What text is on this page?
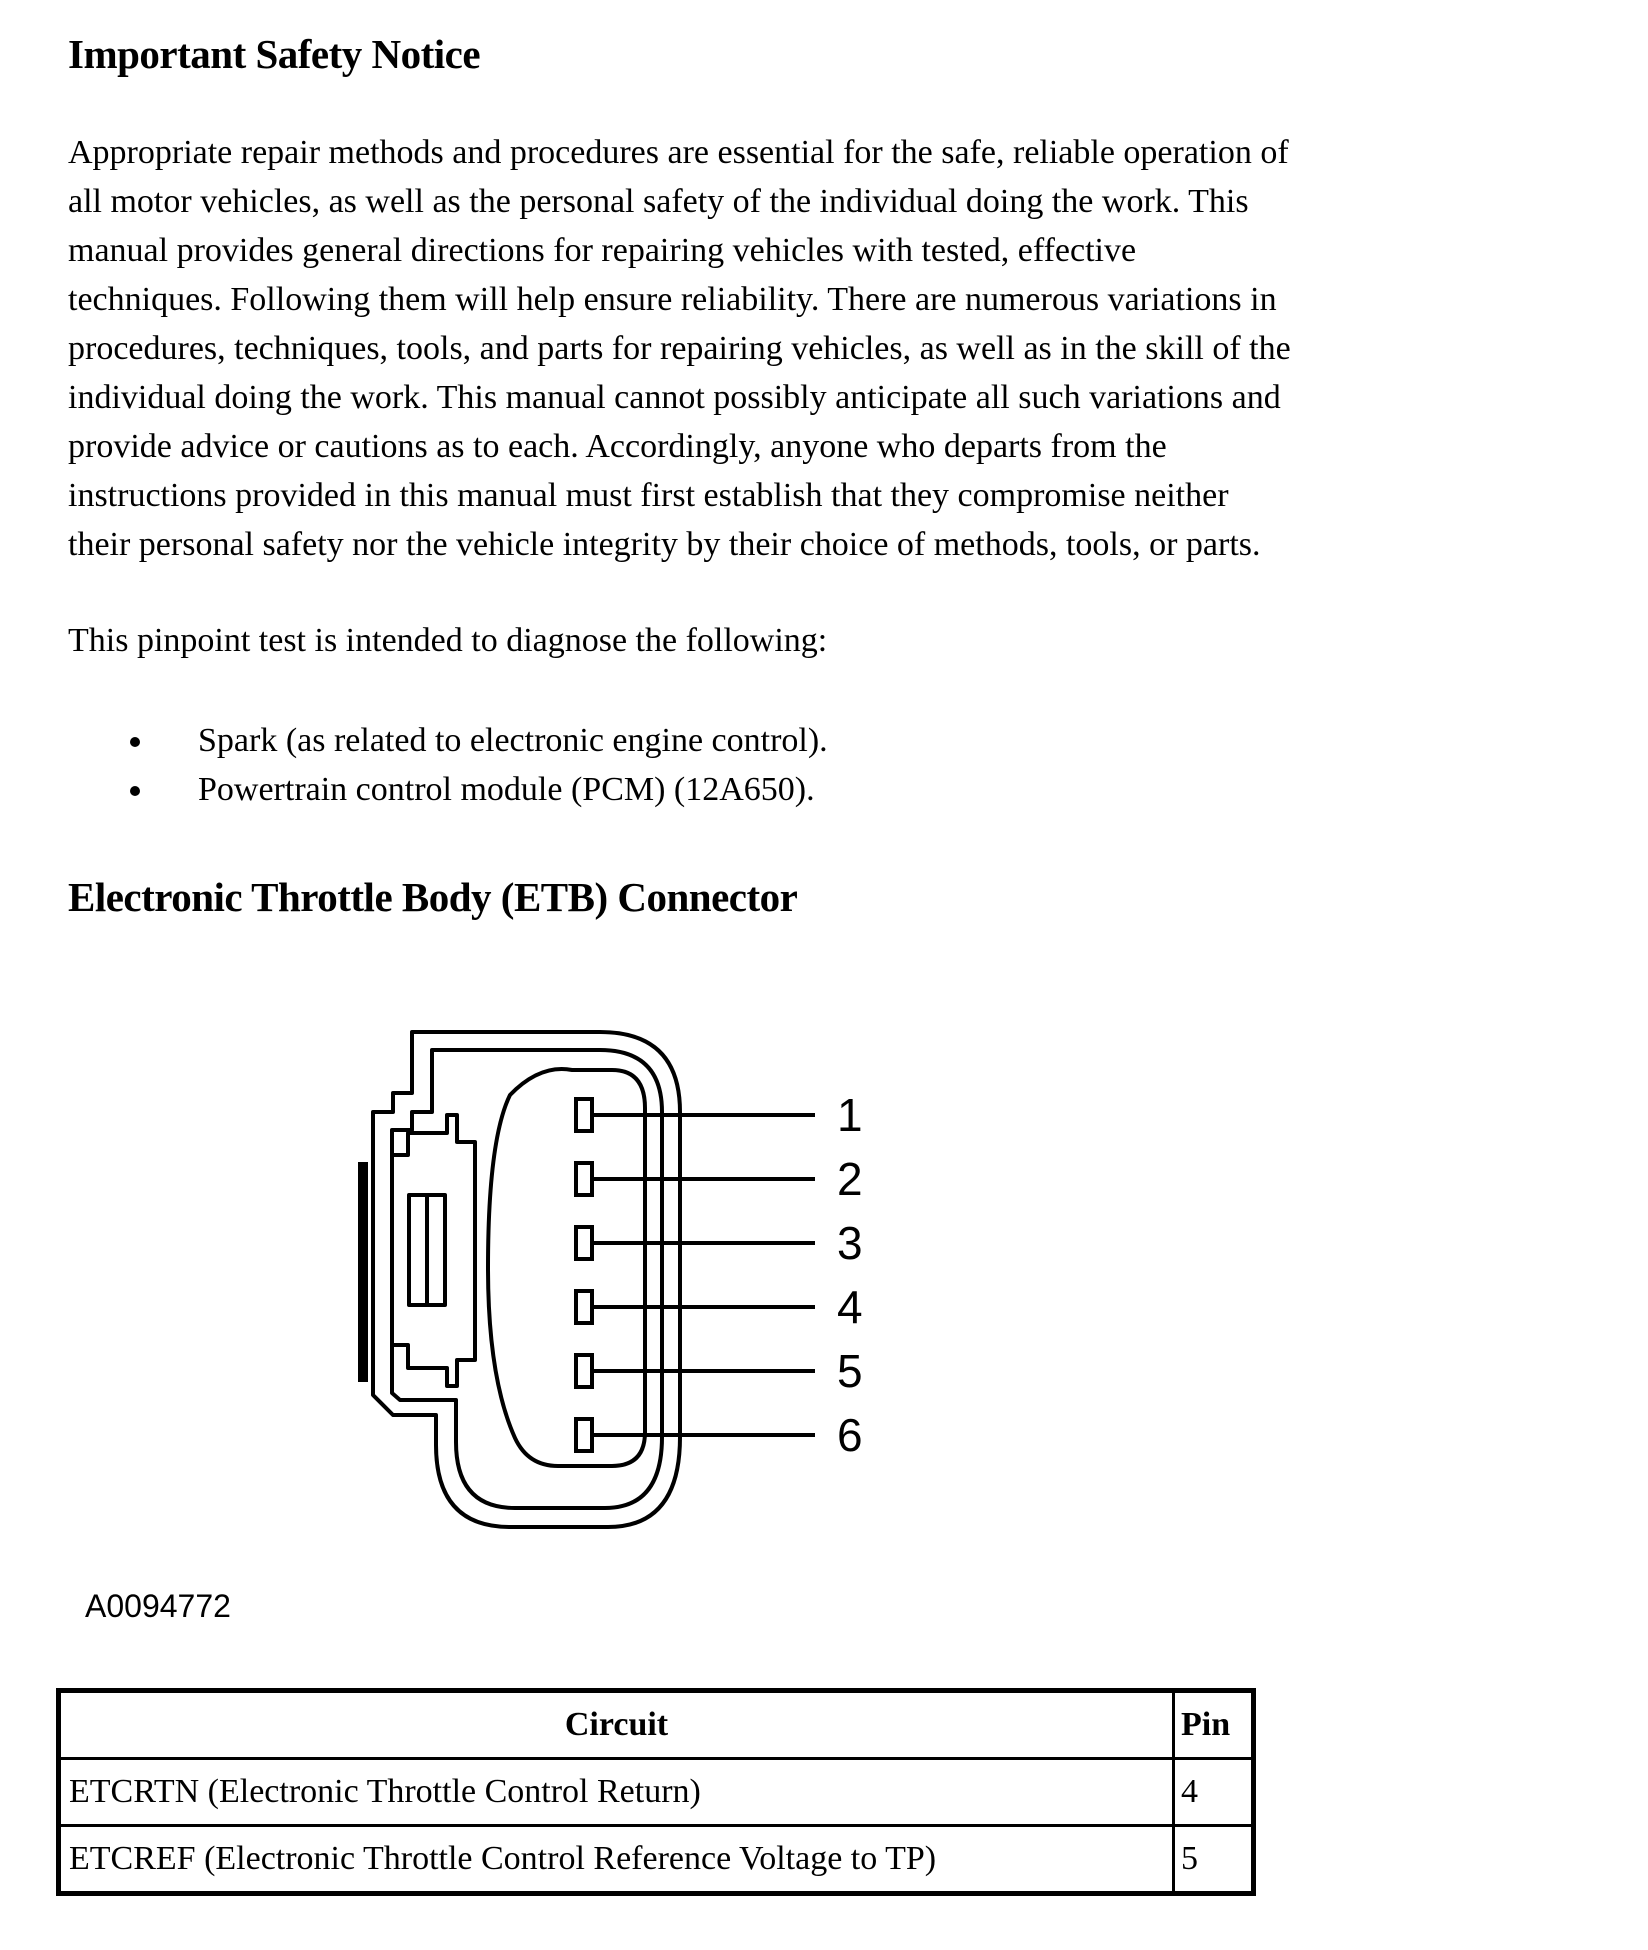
Important Safety Notice

Appropriate repair methods and procedures are essential for the safe, reliable operation of
all motor vehicles, as well as the personal safety of the individual doing the work. This
manual provides general directions for repairing vehicles with tested, effective
techniques. Following them will help ensure reliability. There are numerous variations in
procedures, techniques, tools, and parts for repairing vehicles, as well as in the skill of the
individual doing the work. This manual cannot possibly anticipate all such variations and
provide advice or cautions as to each. Accordingly, anyone who departs from the
instructions provided in this manual must first establish that they compromise neither
their personal safety nor the vehicle integrity by their choice of methods, tools, or parts.

This pinpoint test is intended to diagnose the following:

Spark (as related to electronic engine control).
Powertrain control module (PCM) (12A650).
Electronic Throttle Body (ETB) Connector
1
2
3
4
5
6

A0094772

Circuit	Pin
ETCRTN (Electronic Throttle Control Return)	4
ETCREF (Electronic Throttle Control Reference Voltage to TP)	5
